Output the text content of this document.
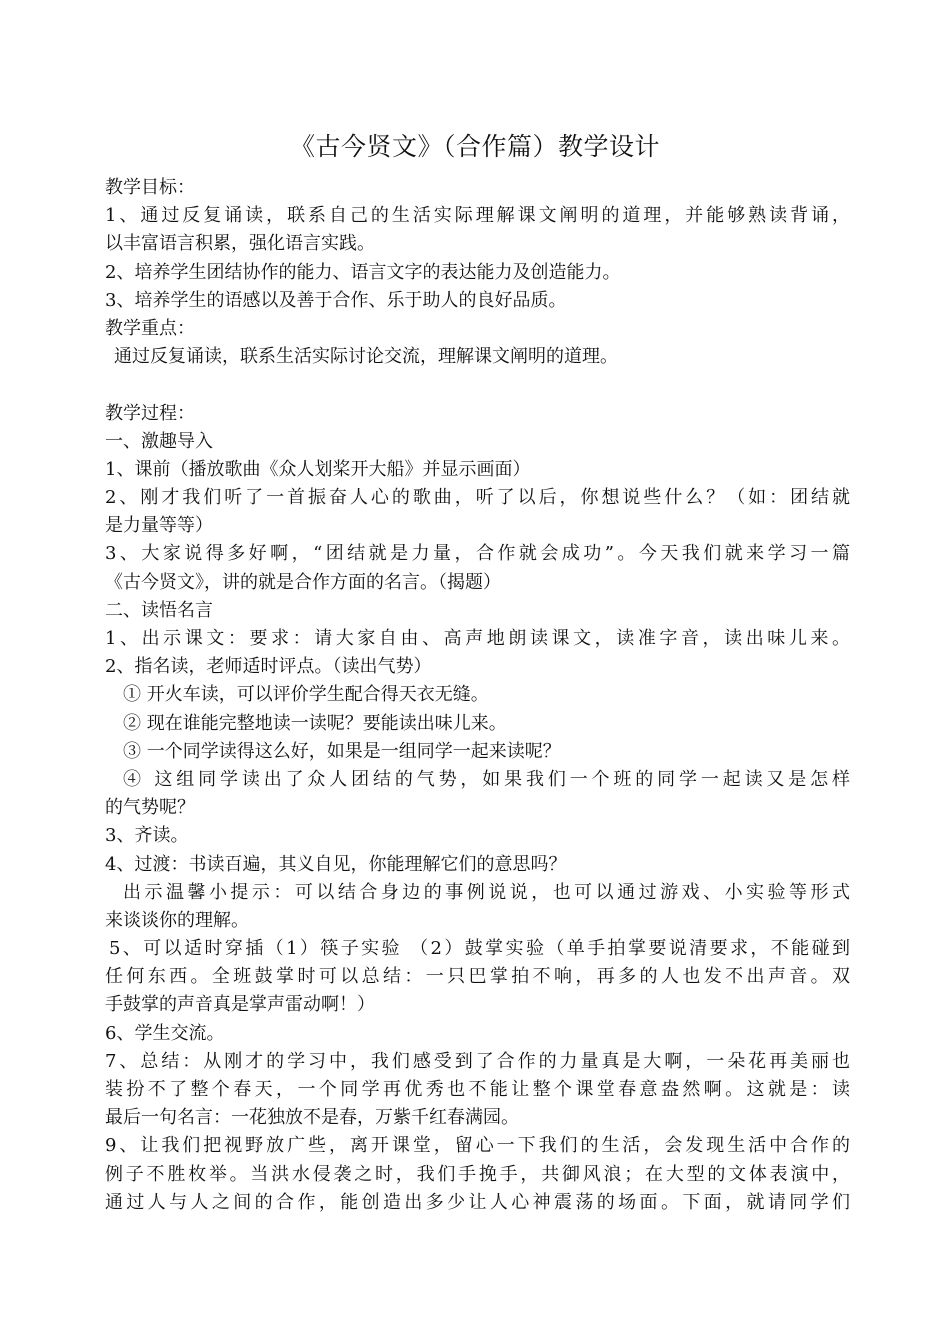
《古今贤文》（合作篇）教学设计
教学目标：
1、通过反复诵读，联系自己的生活实际理解课文阐明的道理，并能够熟读背诵，
以丰富语言积累，强化语言实践。
2、培养学生团结协作的能力、语言文字的表达能力及创造能力。
3、培养学生的语感以及善于合作、乐于助人的良好品质。
教学重点：
通过反复诵读，联系生活实际讨论交流，理解课文阐明的道理。
教学过程：
一、激趣导入
1、课前（播放歌曲《众人划桨开大船》并显示画面）
2、刚才我们听了一首振奋人心的歌曲，听了以后，你想说些什么？（如：团结就
是力量等等）
3、大家说得多好啊，“团结就是力量，合作就会成功”。今天我们就来学习一篇
《古今贤文》，讲的就是合作方面的名言。（揭题）
二、读悟名言
1、出示课文：要求：请大家自由、高声地朗读课文，读准字音，读出味儿来。
2、指名读，老师适时评点。（读出气势）
① 开火车读，可以评价学生配合得天衣无缝。
② 现在谁能完整地读一读呢？要能读出味儿来。
③ 一个同学读得这么好，如果是一组同学一起来读呢？
④ 这组同学读出了众人团结的气势，如果我们一个班的同学一起读又是怎样
的气势呢？
3、齐读。
4、过渡：书读百遍，其义自见，你能理解它们的意思吗？
出示温馨小提示：可以结合身边的事例说说，也可以通过游戏、小实验等形式
来谈谈你的理解。
5、可以适时穿插（1）筷子实验 （2）鼓掌实验（单手拍掌要说清要求，不能碰到
任何东西。全班鼓掌时可以总结：一只巴掌拍不响，再多的人也发不出声音。双
手鼓掌的声音真是掌声雷动啊！）
6、学生交流。
7、总结：从刚才的学习中，我们感受到了合作的力量真是大啊，一朵花再美丽也
装扮不了整个春天，一个同学再优秀也不能让整个课堂春意盎然啊。这就是：读
最后一句名言：一花独放不是春，万紫千红春满园。
9、让我们把视野放广些，离开课堂，留心一下我们的生活，会发现生活中合作的
例子不胜枚举。当洪水侵袭之时，我们手挽手，共御风浪；在大型的文体表演中，
通过人与人之间的合作，能创造出多少让人心神震荡的场面。下面，就请同学们
